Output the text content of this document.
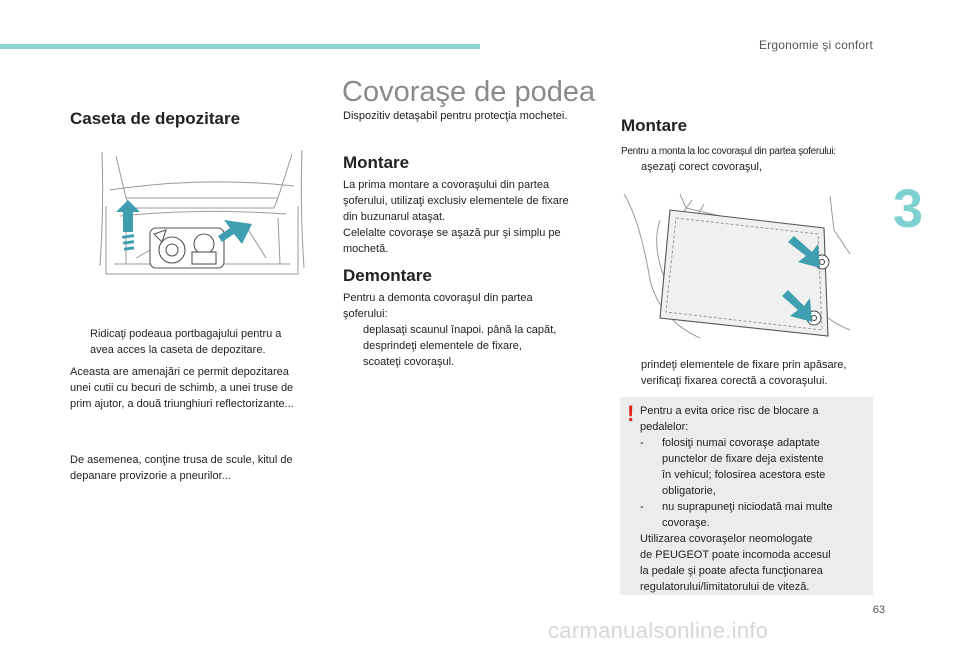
Ergonomie şi confort
3
63
carmanualsonline.info
Caseta de depozitare
Ridicaţi podeaua portbagajului pentru a
avea acces la caseta de depozitare.
Aceasta are amenajări ce permit depozitarea
unei cutii cu becuri de schimb, a unei truse de
prim ajutor, a două triunghiuri reflectorizante...
De asemenea, conţine trusa de scule, kitul de
depanare provizorie a pneurilor...
Covoraşe de podea
Dispozitiv detaşabil pentru protecţia mochetei.
Montare
La prima montare a covoraşului din partea
şoferului, utilizaţi exclusiv elementele de fixare
din buzunarul ataşat.
Celelalte covoraşe se aşază pur şi simplu pe
mochetă.
Demontare
Pentru a demonta covoraşul din partea
şoferului:
deplasaţi scaunul înapoi. până la capăt,
desprindeţi elementele de fixare,
scoateţi covoraşul.
Montare
Pentru a monta la loc covoraşul din partea şoferului:
aşezaţi corect covoraşul,
prindeţi elementele de fixare prin apăsare,
verificaţi fixarea corectă a covoraşului.
! Pentru a evita orice risc de blocare a
pedalelor:
- folosiţi numai covoraşe adaptate
punctelor de fixare deja existente
în vehicul; folosirea acestora este
obligatorie,
- nu suprapuneţi niciodată mai multe
covoraşe.
Utilizarea covoraşelor neomologate
de PEUGEOT poate incomoda accesul
la pedale şi poate afecta funcţionarea
regulatorului/limitatorului de viteză.
